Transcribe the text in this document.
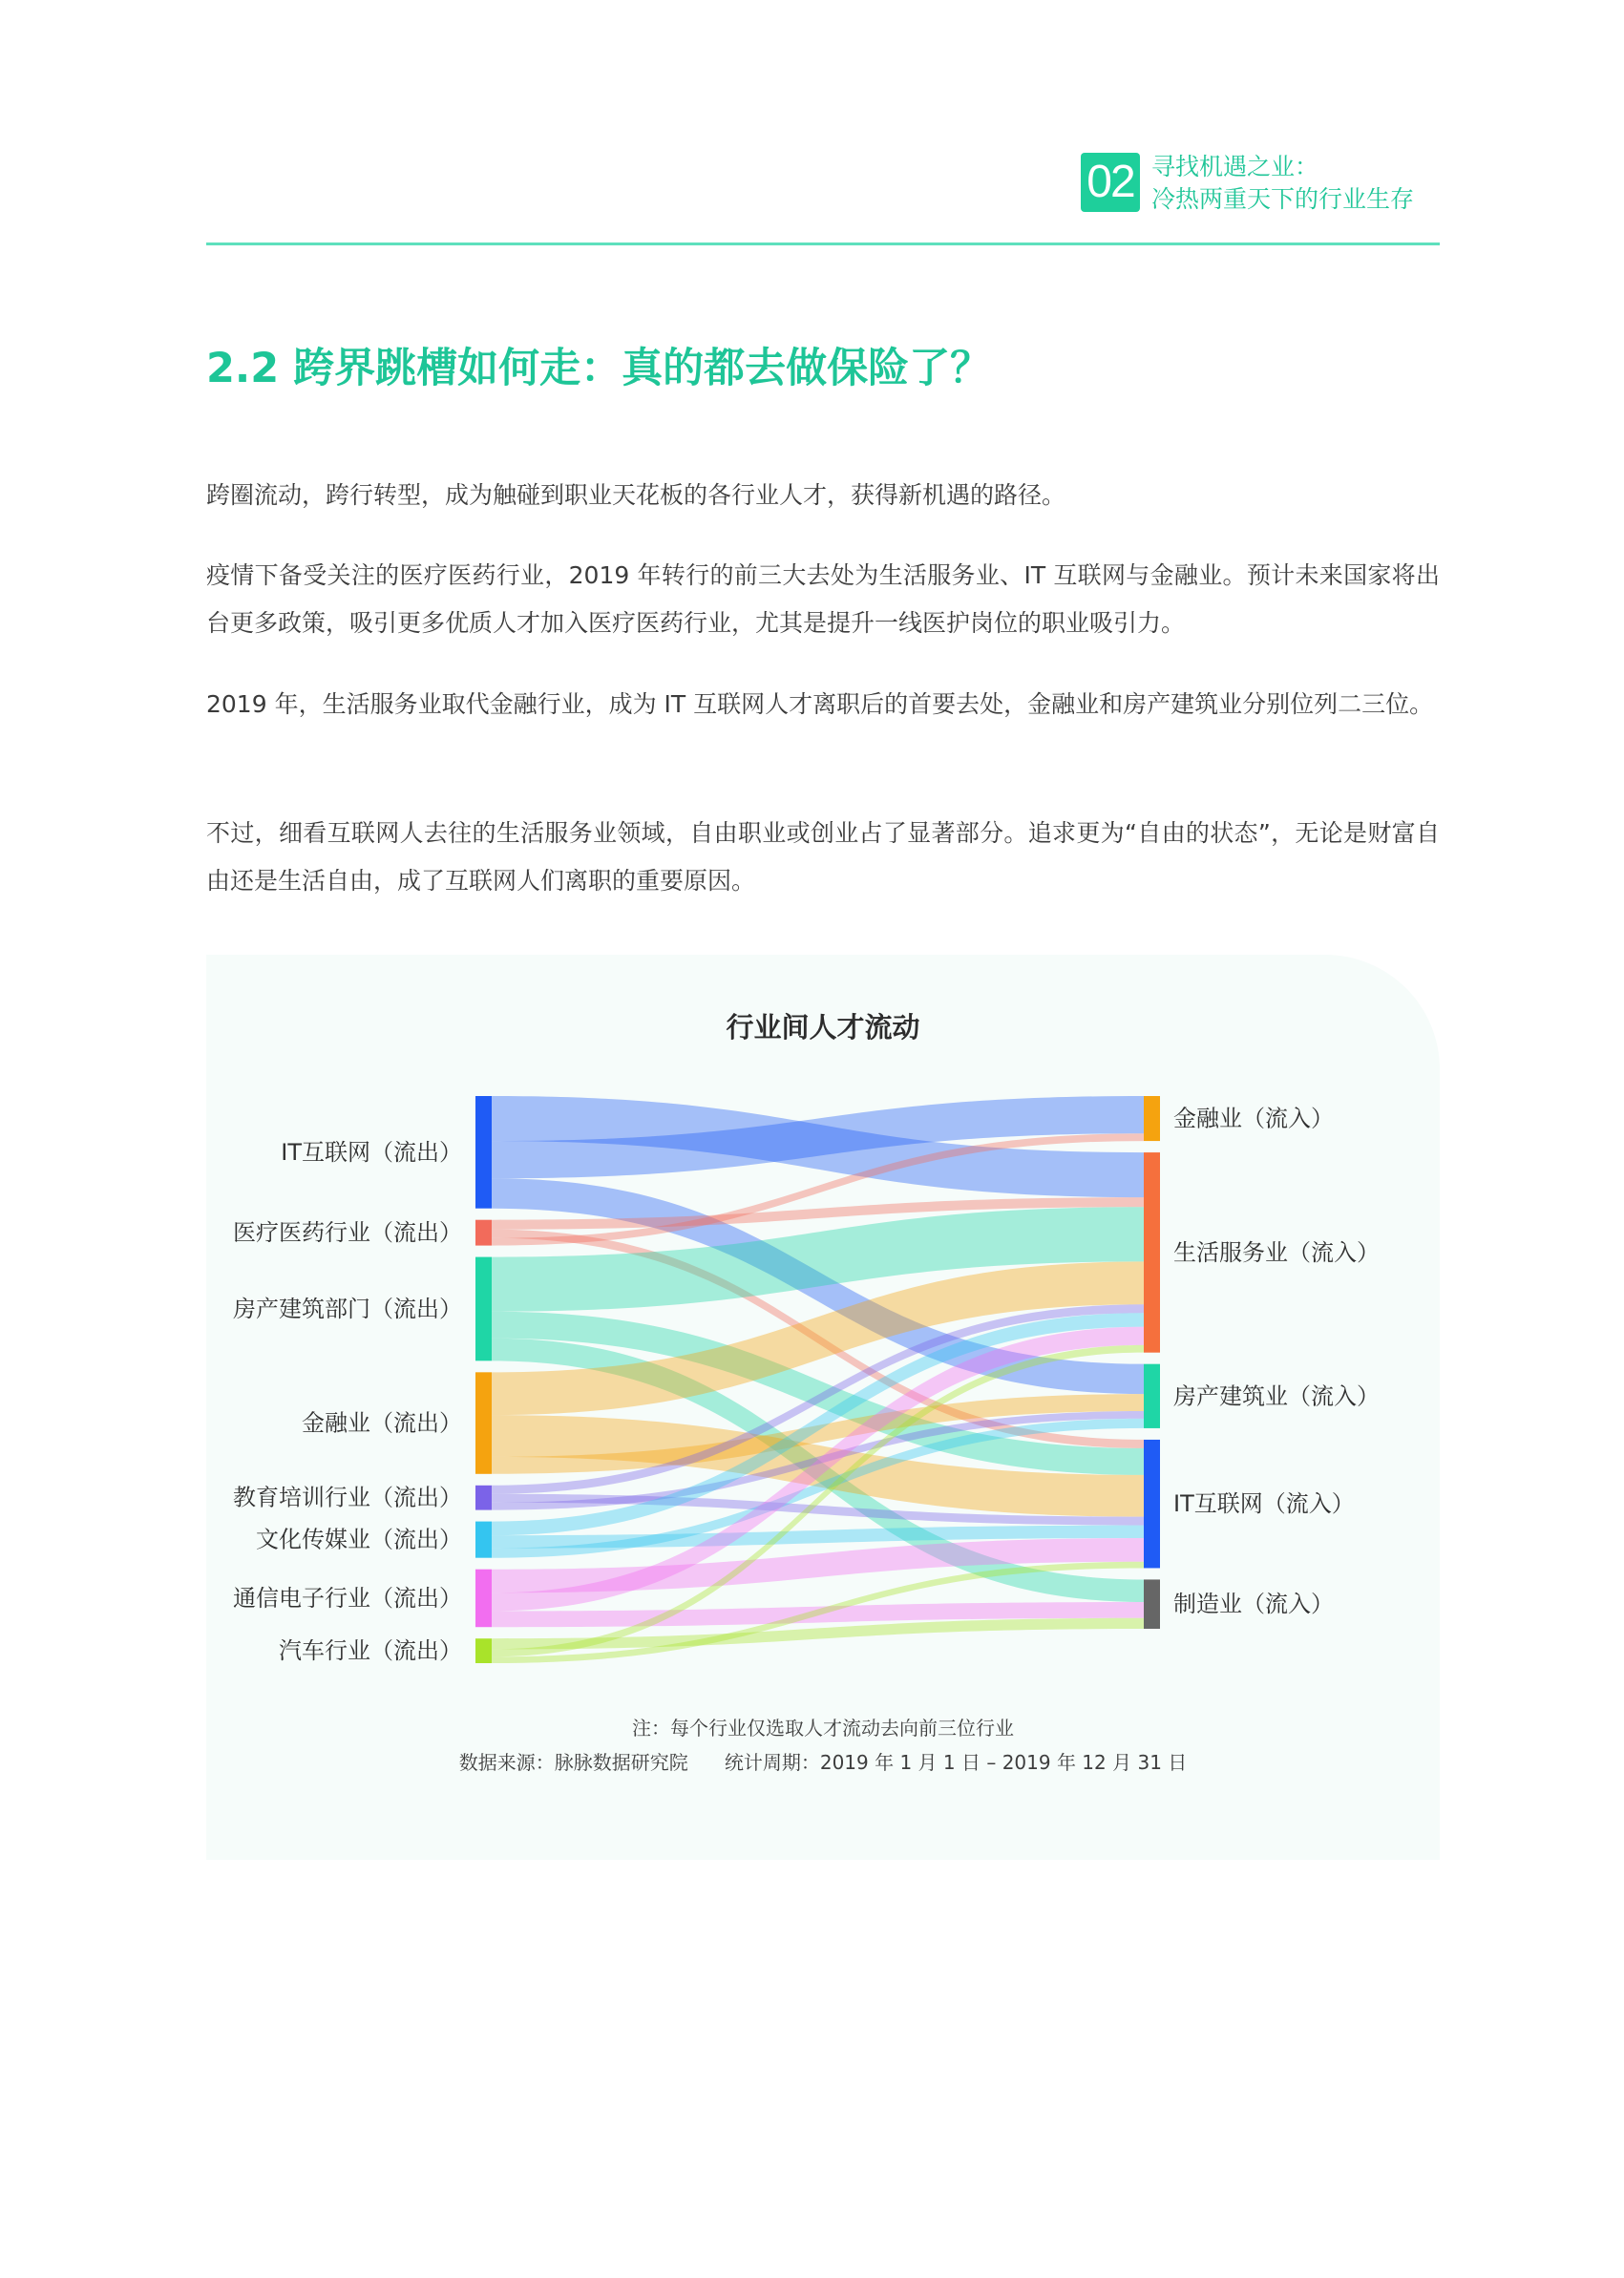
02 寻找机遇之业：
冷热两重天下的行业生存
2.2 跨界跳槽如何走：真的都去做保险了？

跨圈流动，跨行转型，成为触碰到职业天花板的各行业人才，获得新机遇的路径。

疫情下备受关注的医疗医药行业，2019 年转行的前三大去处为生活服务业、IT 互联网与金融业。预计未来国家将出台更多政策，吸引更多优质人才加入医疗医药行业，尤其是提升一线医护岗位的职业吸引力。

2019 年，生活服务业取代金融行业，成为 IT 互联网人才离职后的首要去处，金融业和房产建筑业分别位列二三位。

不过，细看互联网人去往的生活服务业领域，自由职业或创业占了显著部分。追求更为“自由的状态”，无论是财富自由还是生活自由，成了互联网人们离职的重要原因。

行业间人才流动
IT互联网（流出）
医疗医药行业（流出）
房产建筑部门（流出）
金融业（流出）
教育培训行业（流出）
文化传媒业（流出）
通信电子行业（流出）
汽车行业（流出）
金融业（流入）
生活服务业（流入）
房产建筑业（流入）
IT互联网（流入）
制造业（流入）
注：每个行业仅选取人才流动去向前三位行业
数据来源：脉脉数据研究院      统计周期：2019 年 1 月 1 日 – 2019 年 12 月 31 日
